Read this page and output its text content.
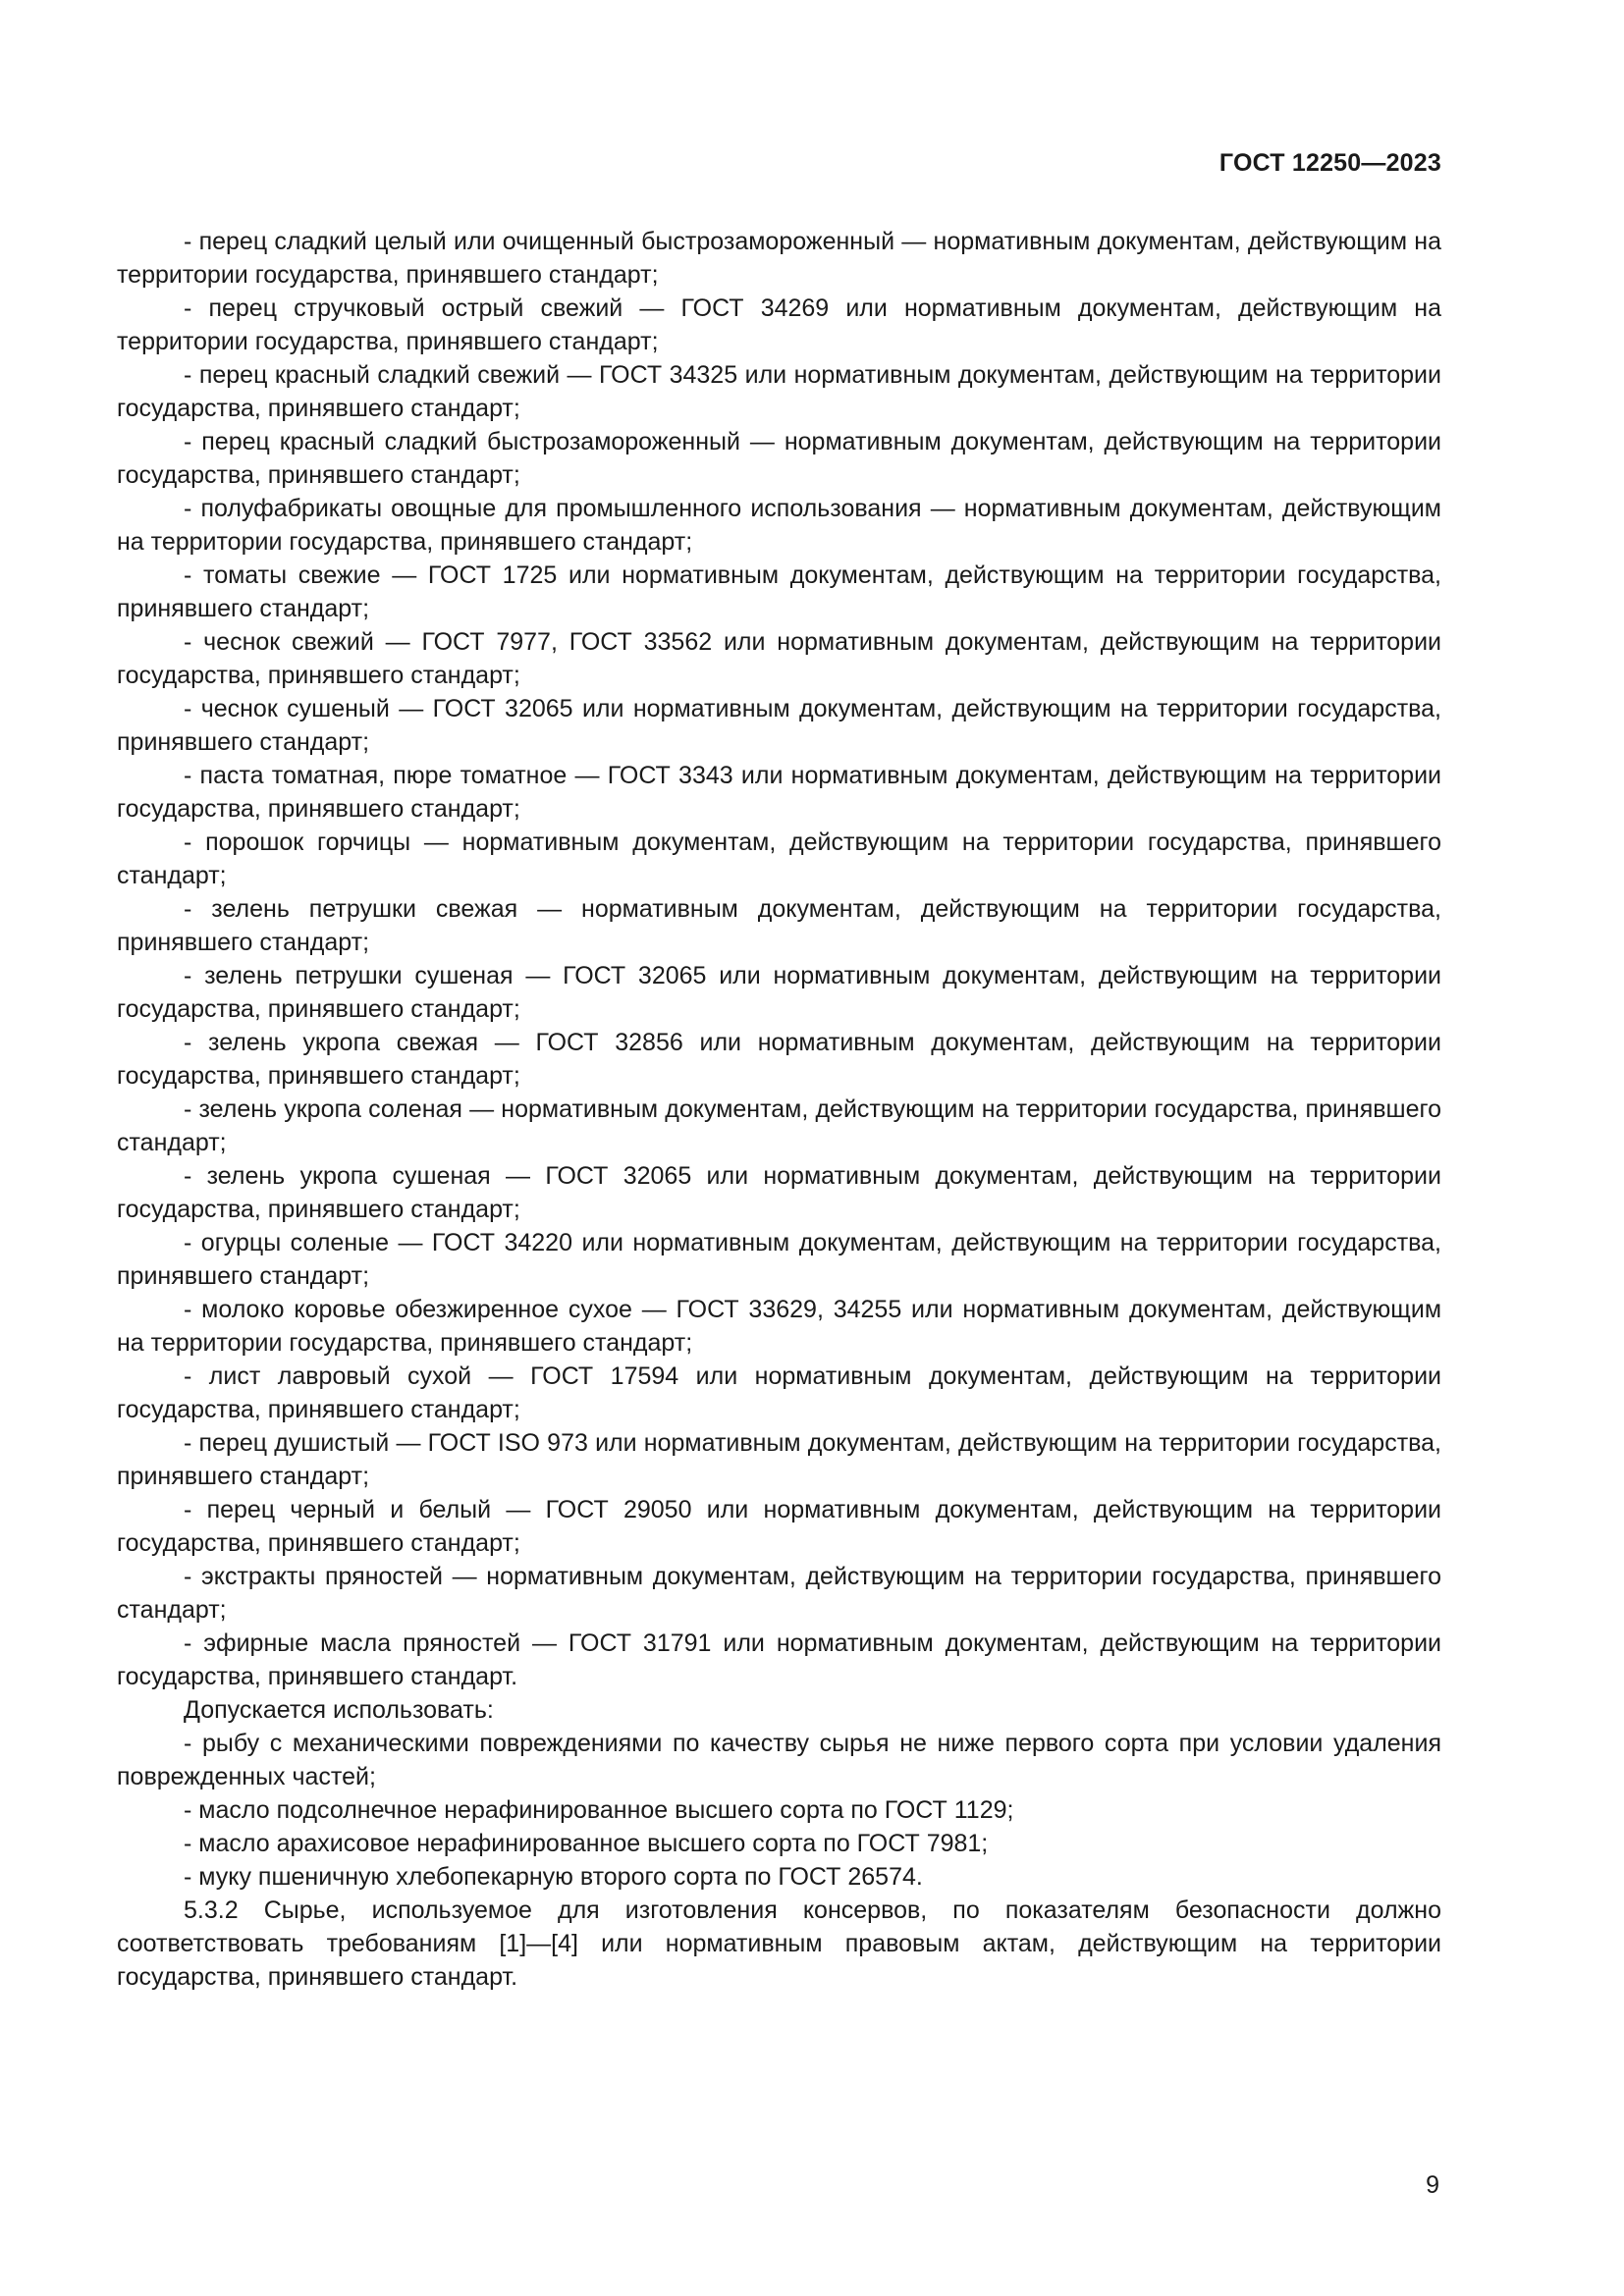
ГОСТ 12250—2023

- перец сладкий целый или очищенный быстрозамороженный — нормативным документам, действующим на территории государства, принявшего стандарт;

- перец стручковый острый свежий — ГОСТ 34269 или нормативным документам, действующим на территории государства, принявшего стандарт;

- перец красный сладкий свежий — ГОСТ 34325 или нормативным документам, действующим на территории государства, принявшего стандарт;

- перец красный сладкий быстрозамороженный — нормативным документам, действующим на территории государства, принявшего стандарт;

- полуфабрикаты овощные для промышленного использования — нормативным документам, действующим на территории государства, принявшего стандарт;

- томаты свежие — ГОСТ 1725 или нормативным документам, действующим на территории государства, принявшего стандарт;

- чеснок свежий — ГОСТ 7977, ГОСТ 33562 или нормативным документам, действующим на территории государства, принявшего стандарт;

- чеснок сушеный — ГОСТ 32065 или нормативным документам, действующим на территории государства, принявшего стандарт;

- паста томатная, пюре томатное — ГОСТ 3343 или нормативным документам, действующим на территории государства, принявшего стандарт;

- порошок горчицы — нормативным документам, действующим на территории государства, принявшего стандарт;

- зелень петрушки свежая — нормативным документам, действующим на территории государства, принявшего стандарт;

- зелень петрушки сушеная — ГОСТ 32065 или нормативным документам, действующим на территории государства, принявшего стандарт;

- зелень укропа свежая — ГОСТ 32856 или нормативным документам, действующим на территории государства, принявшего стандарт;

- зелень укропа соленая — нормативным документам, действующим на территории государства, принявшего стандарт;

- зелень укропа сушеная — ГОСТ 32065 или нормативным документам, действующим на территории государства, принявшего стандарт;

- огурцы соленые — ГОСТ 34220 или нормативным документам, действующим на территории государства, принявшего стандарт;

- молоко коровье обезжиренное сухое — ГОСТ 33629, 34255 или нормативным документам, действующим на территории государства, принявшего стандарт;

- лист лавровый сухой — ГОСТ 17594 или нормативным документам, действующим на территории государства, принявшего стандарт;

- перец душистый — ГОСТ ISO 973 или нормативным документам, действующим на территории государства, принявшего стандарт;

- перец черный и белый — ГОСТ 29050 или нормативным документам, действующим на территории государства, принявшего стандарт;

- экстракты пряностей — нормативным документам, действующим на территории государства, принявшего стандарт;

- эфирные масла пряностей — ГОСТ 31791 или нормативным документам, действующим на территории государства, принявшего стандарт.

Допускается использовать:

- рыбу с механическими повреждениями по качеству сырья не ниже первого сорта при условии удаления поврежденных частей;

- масло подсолнечное нерафинированное высшего сорта по ГОСТ 1129;

- масло арахисовое нерафинированное высшего сорта по ГОСТ 7981;

- муку пшеничную хлебопекарную второго сорта по ГОСТ 26574.

5.3.2 Сырье, используемое для изготовления консервов, по показателям безопасности должно соответствовать требованиям [1]—[4] или нормативным правовым актам, действующим на территории государства, принявшего стандарт.

9
